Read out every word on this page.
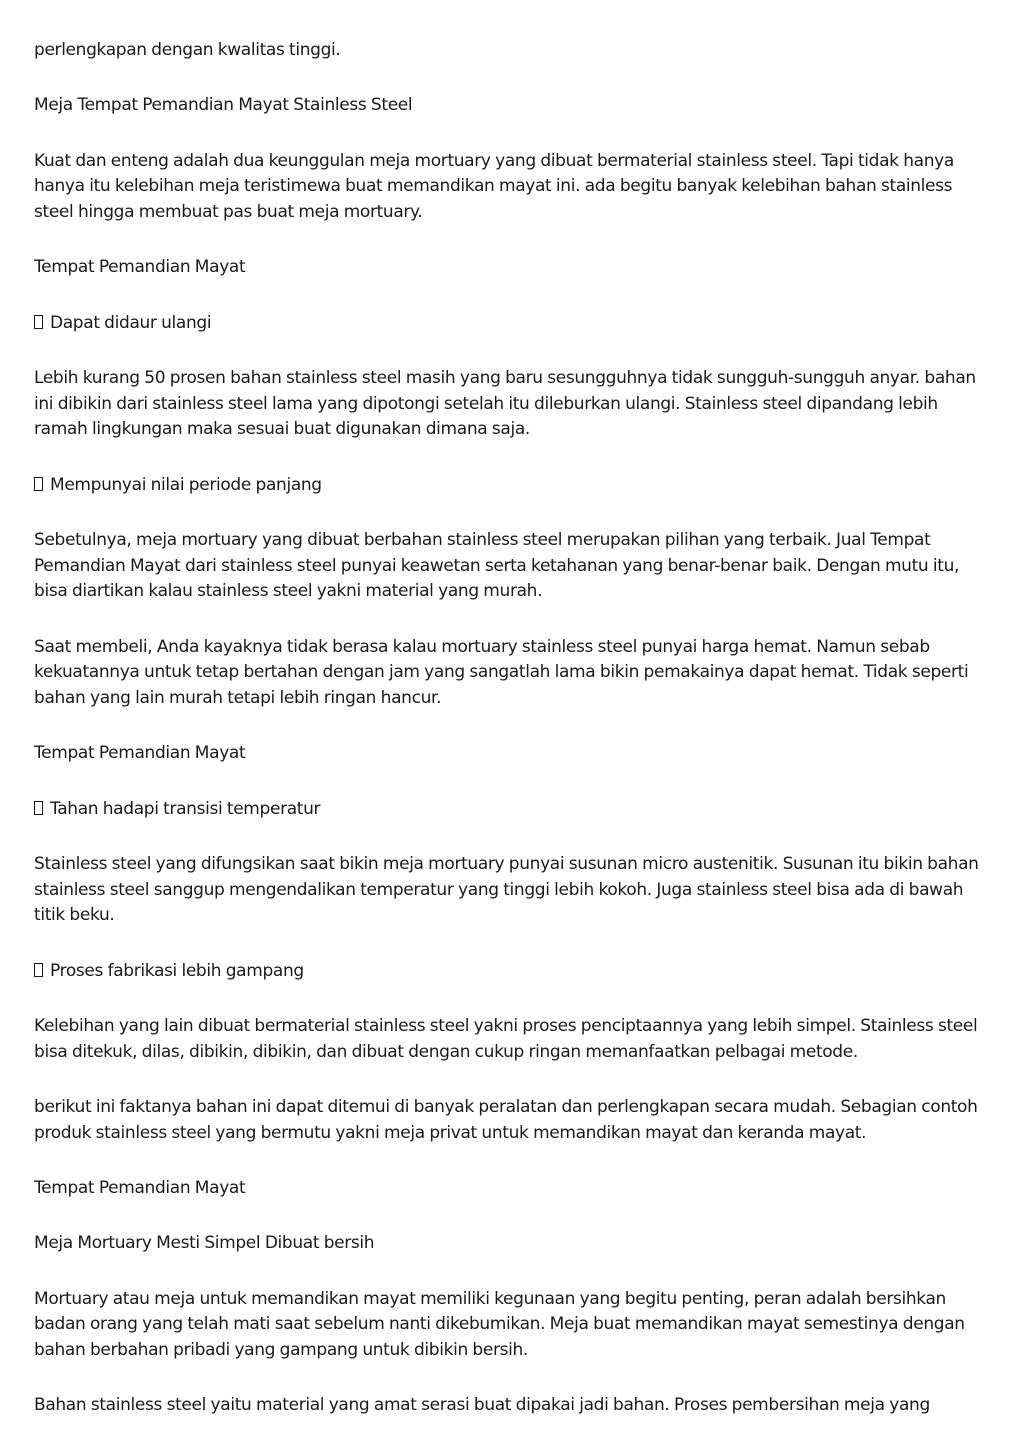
perlengkapan dengan kwalitas tinggi.

Meja Tempat Pemandian Mayat Stainless Steel

Kuat dan enteng adalah dua keunggulan meja mortuary yang dibuat bermaterial stainless steel. Tapi tidak hanya hanya itu kelebihan meja teristimewa buat memandikan mayat ini. ada begitu banyak kelebihan bahan stainless steel hingga membuat pas buat meja mortuary.

Tempat Pemandian Mayat

Dapat didaur ulangi

Lebih kurang 50 prosen bahan stainless steel masih yang baru sesungguhnya tidak sungguh-sungguh anyar. bahan ini dibikin dari stainless steel lama yang dipotongi setelah itu dileburkan ulangi. Stainless steel dipandang lebih ramah lingkungan maka sesuai buat digunakan dimana saja.

Mempunyai nilai periode panjang

Sebetulnya, meja mortuary yang dibuat berbahan stainless steel merupakan pilihan yang terbaik. Jual Tempat Pemandian Mayat dari stainless steel punyai keawetan serta ketahanan yang benar-benar baik. Dengan mutu itu, bisa diartikan kalau stainless steel yakni material yang murah.

Saat membeli, Anda kayaknya tidak berasa kalau mortuary stainless steel punyai harga hemat. Namun sebab kekuatannya untuk tetap bertahan dengan jam yang sangatlah lama bikin pemakainya dapat hemat. Tidak seperti bahan yang lain murah tetapi lebih ringan hancur.

Tempat Pemandian Mayat

Tahan hadapi transisi temperatur

Stainless steel yang difungsikan saat bikin meja mortuary punyai susunan micro austenitik. Susunan itu bikin bahan stainless steel sanggup mengendalikan temperatur yang tinggi lebih kokoh. Juga stainless steel bisa ada di bawah titik beku.

Proses fabrikasi lebih gampang

Kelebihan yang lain dibuat bermaterial stainless steel yakni proses penciptaannya yang lebih simpel. Stainless steel bisa ditekuk, dilas, dibikin, dibikin, dan dibuat dengan cukup ringan memanfaatkan pelbagai metode.

berikut ini faktanya bahan ini dapat ditemui di banyak peralatan dan perlengkapan secara mudah. Sebagian contoh produk stainless steel yang bermutu yakni meja privat untuk memandikan mayat dan keranda mayat.

Tempat Pemandian Mayat

Meja Mortuary Mesti Simpel Dibuat bersih

Mortuary atau meja untuk memandikan mayat memiliki kegunaan yang begitu penting, peran adalah bersihkan badan orang yang telah mati saat sebelum nanti dikebumikan. Meja buat memandikan mayat semestinya dengan bahan berbahan pribadi yang gampang untuk dibikin bersih.

Bahan stainless steel yaitu material yang amat serasi buat dipakai jadi bahan. Proses pembersihan meja yang
